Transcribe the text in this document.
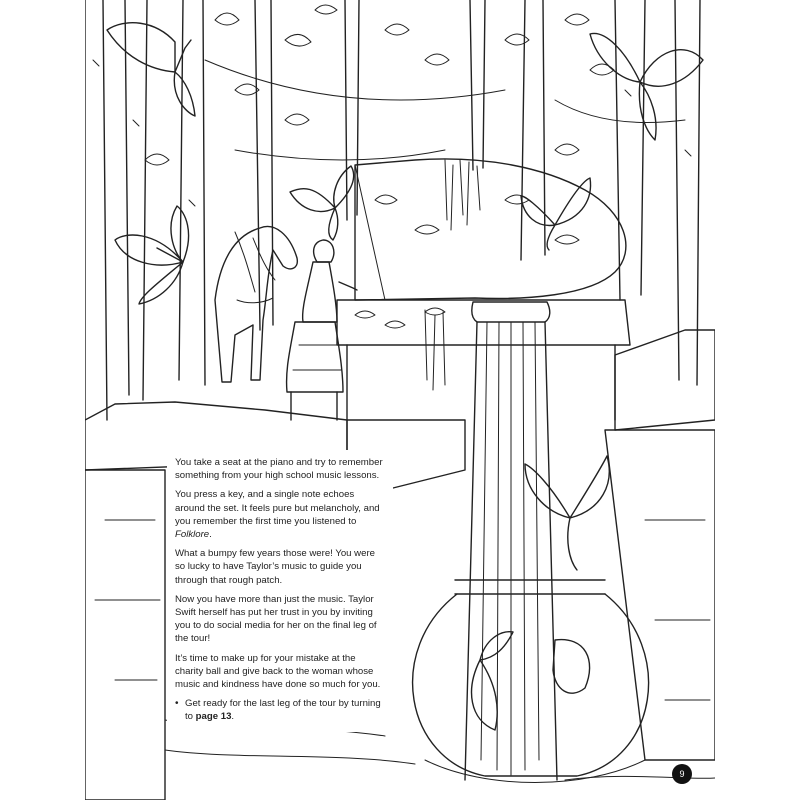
You take a seat at the piano and try to remember something from your high school music lessons.

You press a key, and a single note echoes around the set. It feels pure but melancholy, and you remember the first time you listened to Folklore.

What a bumpy few years those were! You were so lucky to have Taylor’s music to guide you through that rough patch.

Now you have more than just the music. Taylor Swift herself has put her trust in you by inviting you to do social media for her on the final leg of the tour!

It’s time to make up for your mistake at the charity ball and give back to the woman whose music and kindness have done so much for you.

• Get ready for the last leg of the tour by turning to page 13.
9
